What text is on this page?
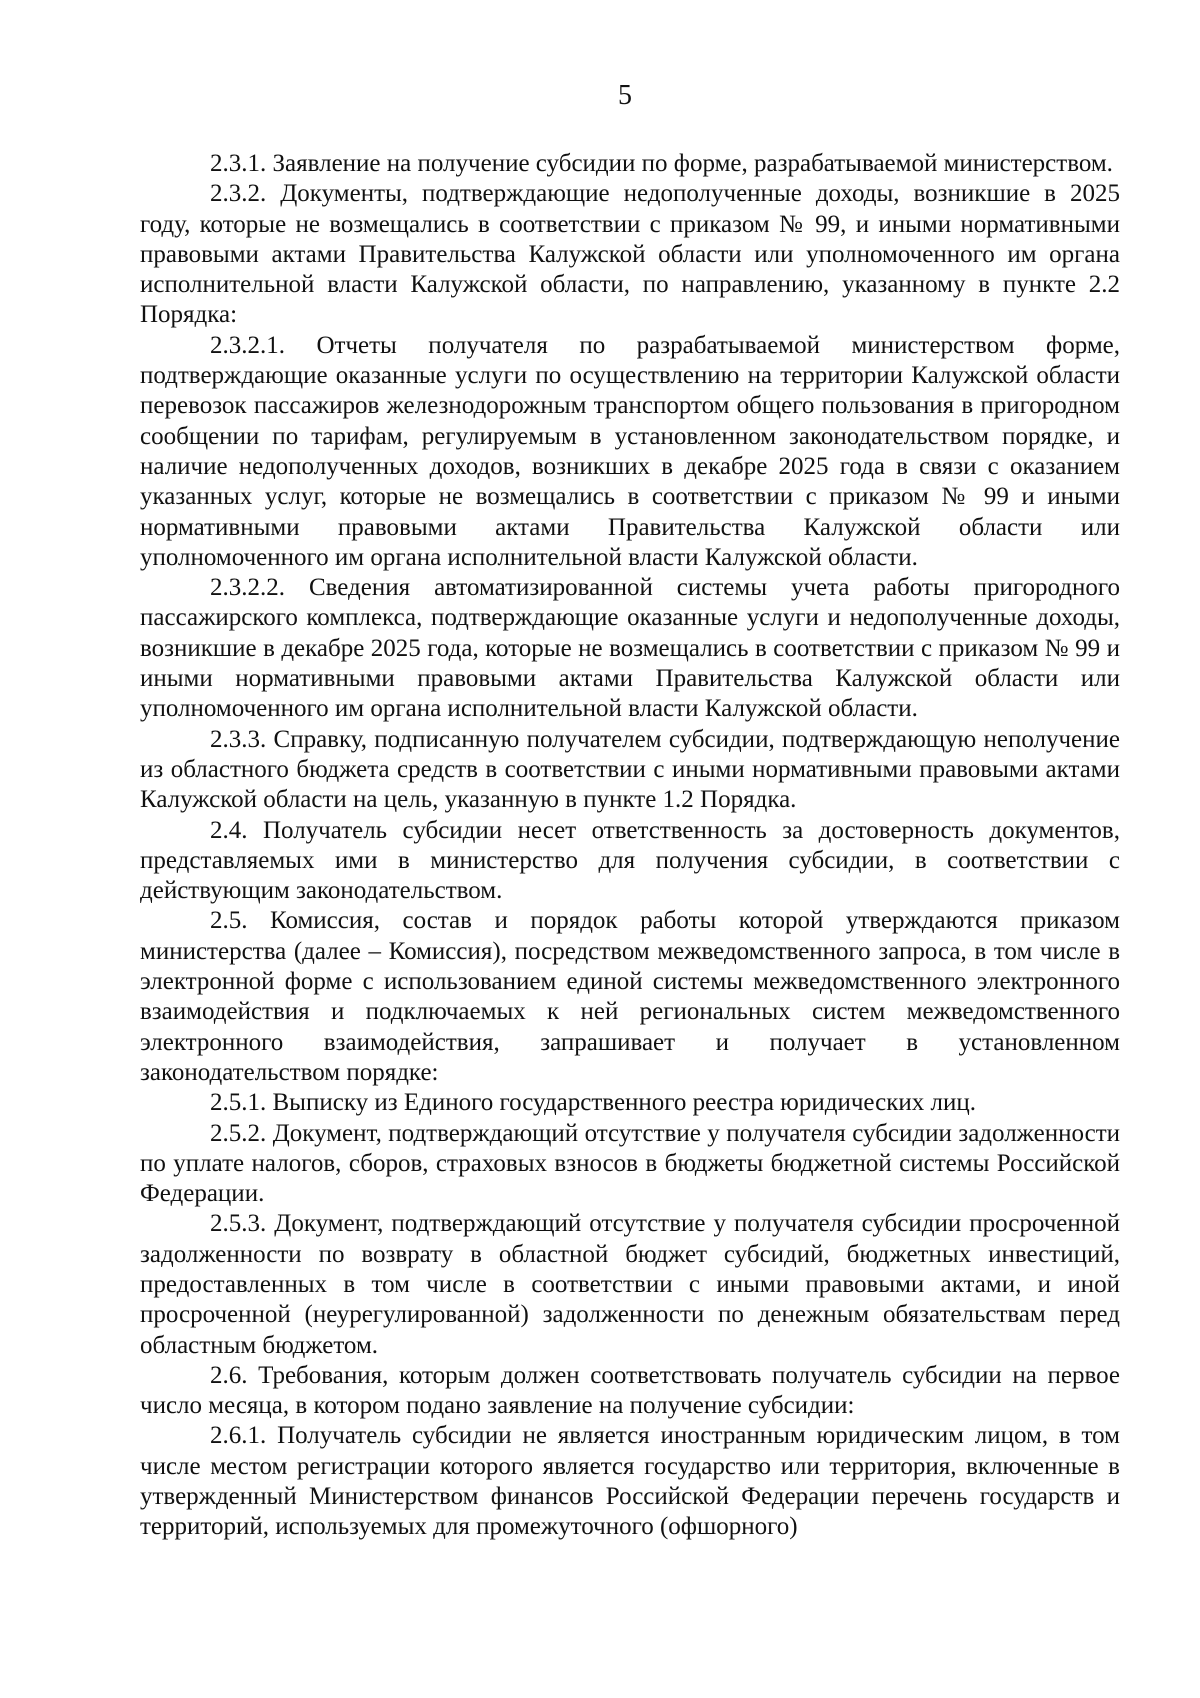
5

2.3.1. Заявление на получение субсидии по форме, разрабатываемой министерством.

2.3.2. Документы, подтверждающие недополученные доходы, возникшие в 2025 году, которые не возмещались в соответствии с приказом № 99, и иными нормативными правовыми актами Правительства Калужской области или уполномоченного им органа исполнительной власти Калужской области, по направлению, указанному в пункте 2.2 Порядка:

2.3.2.1. Отчеты получателя по разрабатываемой министерством форме, подтверждающие оказанные услуги по осуществлению на территории Калужской области перевозок пассажиров железнодорожным транспортом общего пользования в пригородном сообщении по тарифам, регулируемым в установленном законодательством порядке, и наличие недополученных доходов, возникших в декабре 2025 года в связи с оказанием указанных услуг, которые не возмещались в соответствии с приказом № 99 и иными нормативными правовыми актами Правительства Калужской области или уполномоченного им органа исполнительной власти Калужской области.

2.3.2.2. Сведения автоматизированной системы учета работы пригородного пассажирского комплекса, подтверждающие оказанные услуги и недополученные доходы, возникшие в декабре 2025 года, которые не возмещались в соответствии с приказом № 99 и иными нормативными правовыми актами Правительства Калужской области или уполномоченного им органа исполнительной власти Калужской области.

2.3.3. Справку, подписанную получателем субсидии, подтверждающую неполучение из областного бюджета средств в соответствии с иными нормативными правовыми актами Калужской области на цель, указанную в пункте 1.2 Порядка.

2.4. Получатель субсидии несет ответственность за достоверность документов, представляемых ими в министерство для получения субсидии, в соответствии с действующим законодательством.

2.5. Комиссия, состав и порядок работы которой утверждаются приказом министерства (далее – Комиссия), посредством межведомственного запроса, в том числе в электронной форме с использованием единой системы межведомственного электронного взаимодействия и подключаемых к ней региональных систем межведомственного электронного взаимодействия, запрашивает и получает в установленном законодательством порядке:

2.5.1. Выписку из Единого государственного реестра юридических лиц.

2.5.2. Документ, подтверждающий отсутствие у получателя субсидии задолженности по уплате налогов, сборов, страховых взносов в бюджеты бюджетной системы Российской Федерации.

2.5.3. Документ, подтверждающий отсутствие у получателя субсидии просроченной задолженности по возврату в областной бюджет субсидий, бюджетных инвестиций, предоставленных в том числе в соответствии с иными правовыми актами, и иной просроченной (неурегулированной) задолженности по денежным обязательствам перед областным бюджетом.

2.6. Требования, которым должен соответствовать получатель субсидии на первое число месяца, в котором подано заявление на получение субсидии:

2.6.1. Получатель субсидии не является иностранным юридическим лицом, в том числе местом регистрации которого является государство или территория, включенные в утвержденный Министерством финансов Российской Федерации перечень государств и территорий, используемых для промежуточного (офшорного)
